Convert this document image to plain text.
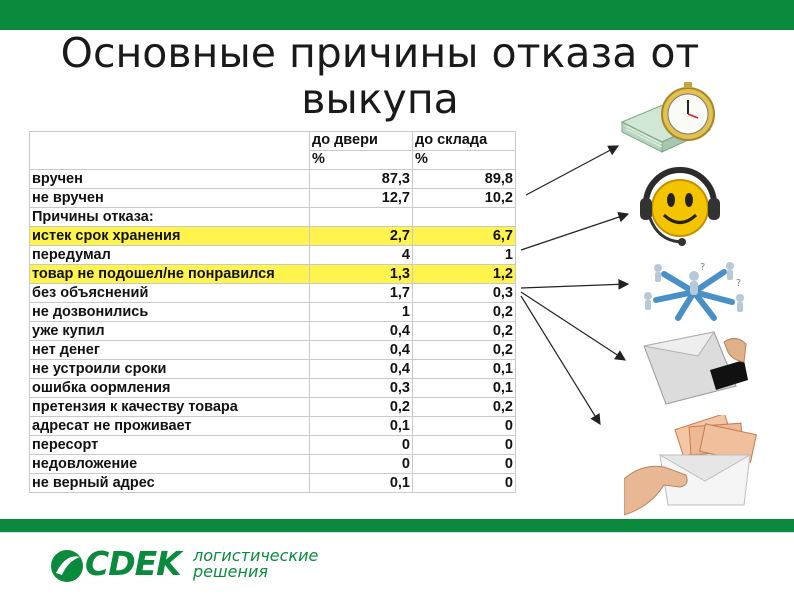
Основные причины отказа от
выкупа
	до двери	до склада
	%	%
вручен	87,3	89,8
не вручен	12,7	10,2
Причины отказа:		
истек срок хранения	2,7	6,7
передумал	4	1
товар не подошел/не понравился	1,3	1,2
без объяснений	1,7	0,3
не дозвонились	1	0,2
уже купил	0,4	0,2
нет денег	0,4	0,2
не устроили сроки	0,4	0,1
ошибка оормления	0,3	0,1
претензия к качеству товара	0,2	0,2
адресат не проживает	0,1	0
пересорт	0	0
недовложение	0	0
не верный адрес	0,1	0
?
?
CDEK логистические
решения
